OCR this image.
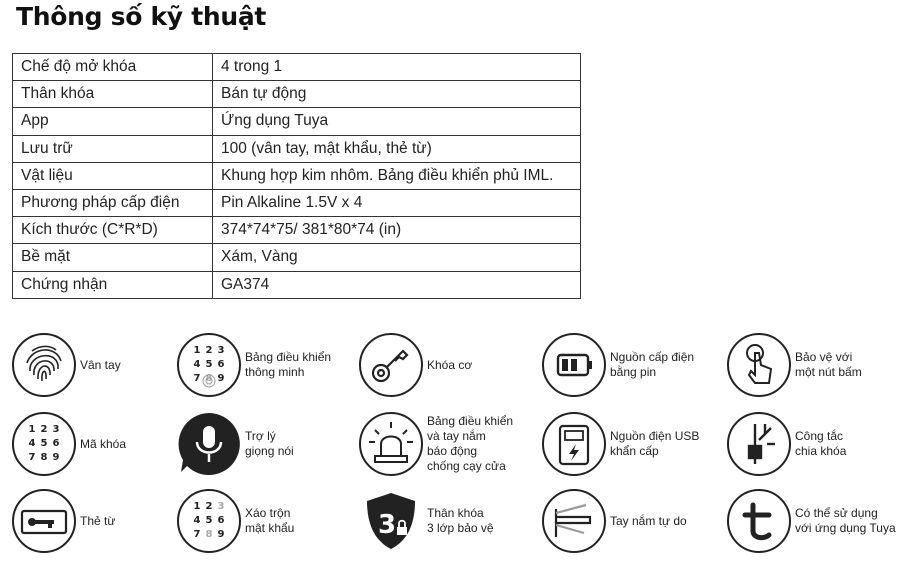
Thông số kỹ thuật
Chế độ mở khóa	4 trong 1
Thân khóa	Bán tự động
App	Ứng dụng Tuya
Lưu trữ	100 (vân tay, mật khẩu, thẻ từ)
Vật liệu	Khung hợp kim nhôm. Bảng điều khiển phủ IML.
Phương pháp cấp điện	Pin Alkaline 1.5V x 4
Kích thước (C*R*D)	374*74*75/ 381*80*74 (in)
Bề mặt	Xám, Vàng
Chứng nhận	GA374
Vân tay
1 2 3
4 5 6
7 8 9
Bảng điều khiển
thông minh
Khóa cơ
Nguồn cấp điện
bằng pin
Bảo vệ với
một nút bấm
1 2 3
4 5 6
7 8 9
Mã khóa
Trợ lý
giọng nói
Bảng điều khiển
và tay nắm
báo động
chống cạy cửa
Nguồn điện USB
khẩn cấp
Công tắc
chia khóa
Thẻ từ
1 2 3
4 5 6
7 8 9
Xáo trộn
mật khẩu	3	Thân khóa
3 lớp bảo vệ
Tay nắm tự do
Có thể sử dụng
với ứng dụng Tuya
